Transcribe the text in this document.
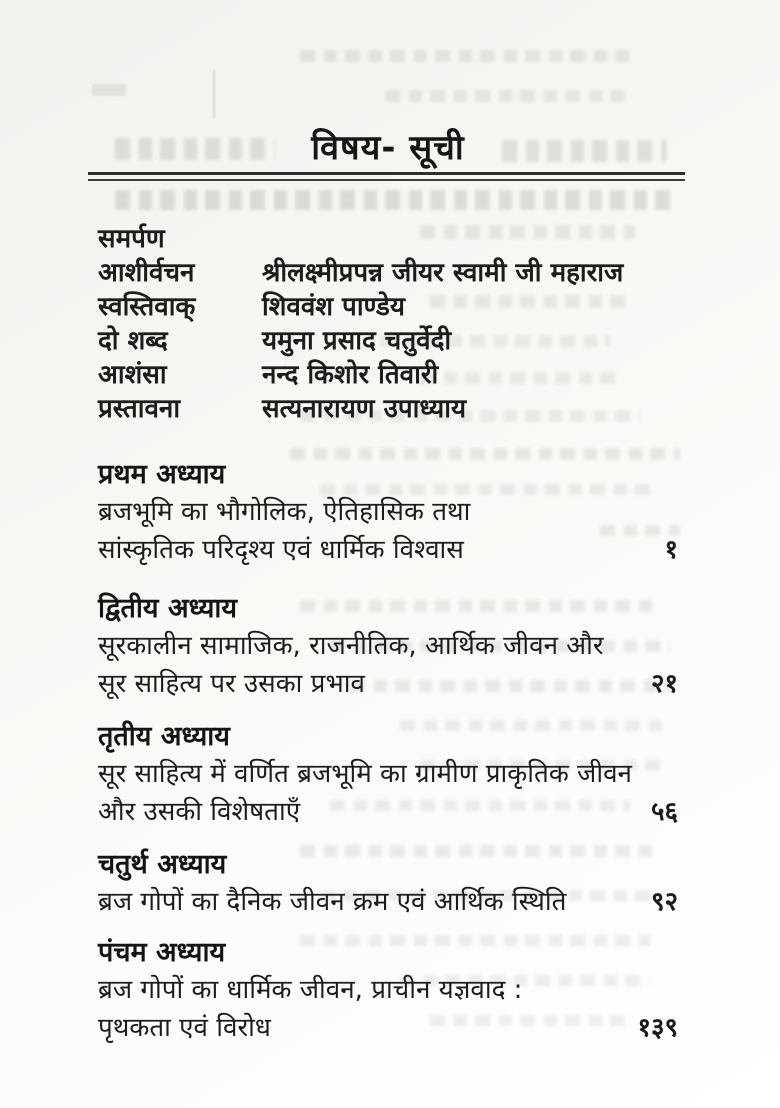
विषय- सूची
समर्पण
आशीर्वचन	श्रीलक्ष्मीप्रपन्न जीयर स्वामी जी महाराज
स्वस्तिवाक्	शिववंश पाण्डेय
दो शब्द	यमुना प्रसाद चतुर्वेदी
आशंसा	नन्द किशोर तिवारी
प्रस्तावना	सत्यनारायण उपाध्याय
प्रथम अध्याय

ब्रजभूमि का भौगोलिक, ऐतिहासिक तथा

सांस्कृतिक परिदृश्य एवं धार्मिक विश्वास	१

द्वितीय अध्याय

सूरकालीन सामाजिक, राजनीतिक, आर्थिक जीवन और

सूर साहित्य पर उसका प्रभाव	२१

तृतीय अध्याय

सूर साहित्य में वर्णित ब्रजभूमि का ग्रामीण प्राकृतिक जीवन

और उसकी विशेषताएँ	५६

चतुर्थ अध्याय

ब्रज गोपों का दैनिक जीवन क्रम एवं आर्थिक स्थिति	९२

पंचम अध्याय

ब्रज गोपों का धार्मिक जीवन, प्राचीन यज्ञवाद :

पृथकता एवं विरोध	१३९
